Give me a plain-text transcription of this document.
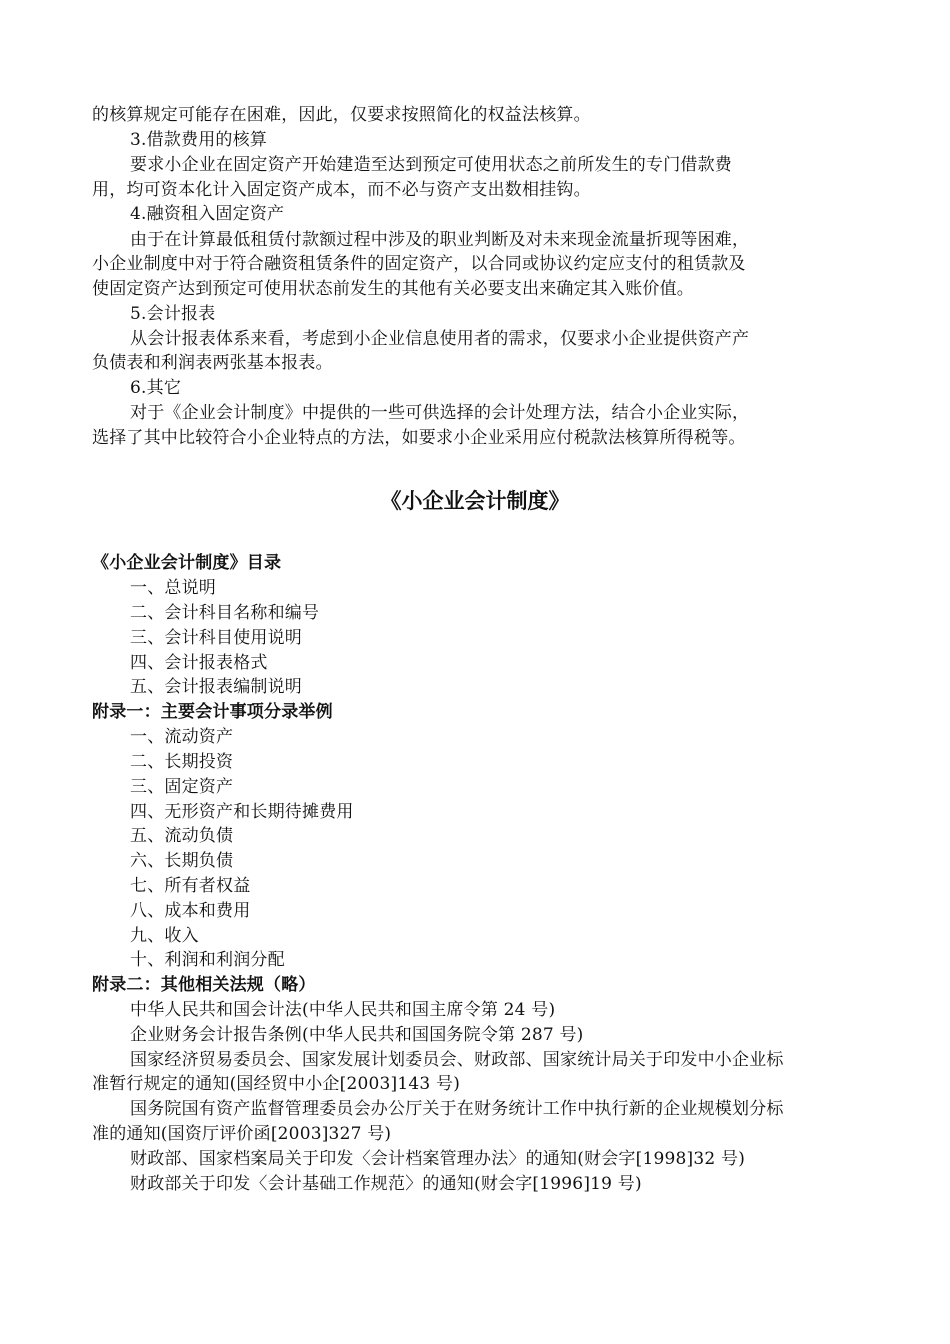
的核算规定可能存在困难，因此，仅要求按照简化的权益法核算。
3.借款费用的核算
要求小企业在固定资产开始建造至达到预定可使用状态之前所发生的专门借款费
用，均可资本化计入固定资产成本，而不必与资产支出数相挂钩。
4.融资租入固定资产
由于在计算最低租赁付款额过程中涉及的职业判断及对未来现金流量折现等困难，
小企业制度中对于符合融资租赁条件的固定资产，以合同或协议约定应支付的租赁款及
使固定资产达到预定可使用状态前发生的其他有关必要支出来确定其入账价值。
5.会计报表
从会计报表体系来看，考虑到小企业信息使用者的需求，仅要求小企业提供资产产
负债表和利润表两张基本报表。
6.其它
对于《企业会计制度》中提供的一些可供选择的会计处理方法，结合小企业实际，
选择了其中比较符合小企业特点的方法，如要求小企业采用应付税款法核算所得税等。
《小企业会计制度》
《小企业会计制度》目录
一、总说明
二、会计科目名称和编号
三、会计科目使用说明
四、会计报表格式
五、会计报表编制说明
附录一：主要会计事项分录举例
一、流动资产
二、长期投资
三、固定资产
四、无形资产和长期待摊费用
五、流动负债
六、长期负债
七、所有者权益
八、成本和费用
九、收入
十、利润和利润分配
附录二：其他相关法规（略）
中华人民共和国会计法(中华人民共和国主席令第 24 号)
企业财务会计报告条例(中华人民共和国国务院令第 287 号)
国家经济贸易委员会、国家发展计划委员会、财政部、国家统计局关于印发中小企业标
准暂行规定的通知(国经贸中小企[2003]143 号)
国务院国有资产监督管理委员会办公厅关于在财务统计工作中执行新的企业规模划分标
准的通知(国资厅评价函[2003]327 号)
财政部、国家档案局关于印发〈会计档案管理办法〉的通知(财会字[1998]32 号)
财政部关于印发〈会计基础工作规范〉的通知(财会字[1996]19 号)
